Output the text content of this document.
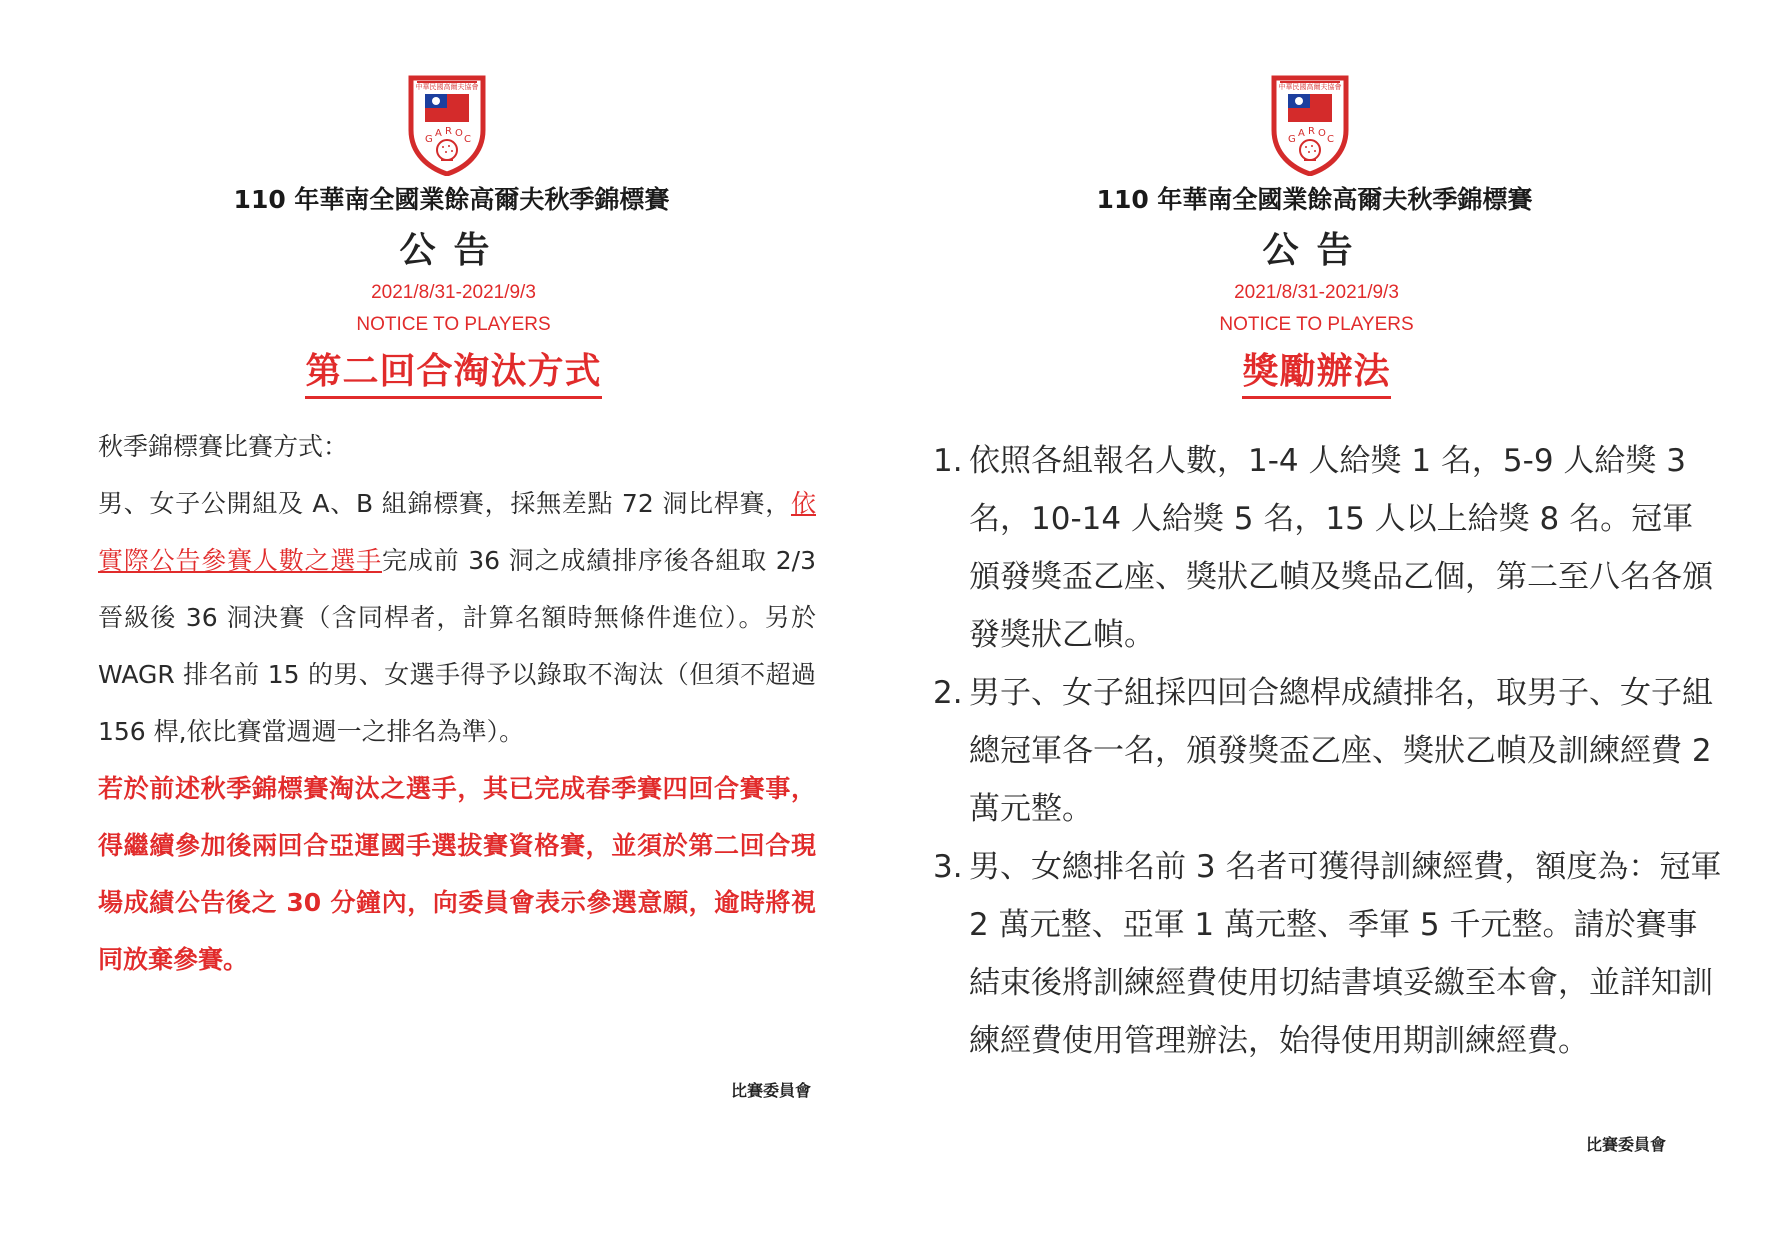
中華民國高爾夫協會
G
A R O
C
110 年華南全國業餘高爾夫秋季錦標賽
公告
2021/8/31-2021/9/3
NOTICE TO PLAYERS
第二回合淘汰方式

秋季錦標賽比賽方式：

男、女子公開組及 A、B 組錦標賽，採無差點 72 洞比桿賽，依實際公告參賽人數之選手完成前 36 洞之成績排序後各組取 2/3 晉級後 36 洞決賽（含同桿者，計算名額時無條件進位）。另於 WAGR 排名前 15 的男、女選手得予以錄取不淘汰（但須不超過 156 桿,依比賽當週週一之排名為準）。

若於前述秋季錦標賽淘汰之選手，其已完成春季賽四回合賽事，得繼續參加後兩回合亞運國手選拔賽資格賽，並須於第二回合現場成績公告後之 30 分鐘內，向委員會表示參選意願，逾時將視同放棄參賽。

比賽委員會
中華民國高爾夫協會
G
A R O
C
110 年華南全國業餘高爾夫秋季錦標賽
公告
2021/8/31-2021/9/3
NOTICE TO PLAYERS
獎勵辦法

1. 依照各組報名人數，1-4 人給獎 1 名，5-9 人給獎 3 名，10-14 人給獎 5 名，15 人以上給獎 8 名。冠軍頒發獎盃乙座、獎狀乙幀及獎品乙個，第二至八名各頒發獎狀乙幀。

2. 男子、女子組採四回合總桿成績排名，取男子、女子組總冠軍各一名，頒發獎盃乙座、獎狀乙幀及訓練經費 2 萬元整。

3. 男、女總排名前 3 名者可獲得訓練經費，額度為：冠軍 2 萬元整、亞軍 1 萬元整、季軍 5 千元整。請於賽事結束後將訓練經費使用切結書填妥繳至本會，並詳知訓練經費使用管理辦法，始得使用期訓練經費。

比賽委員會
